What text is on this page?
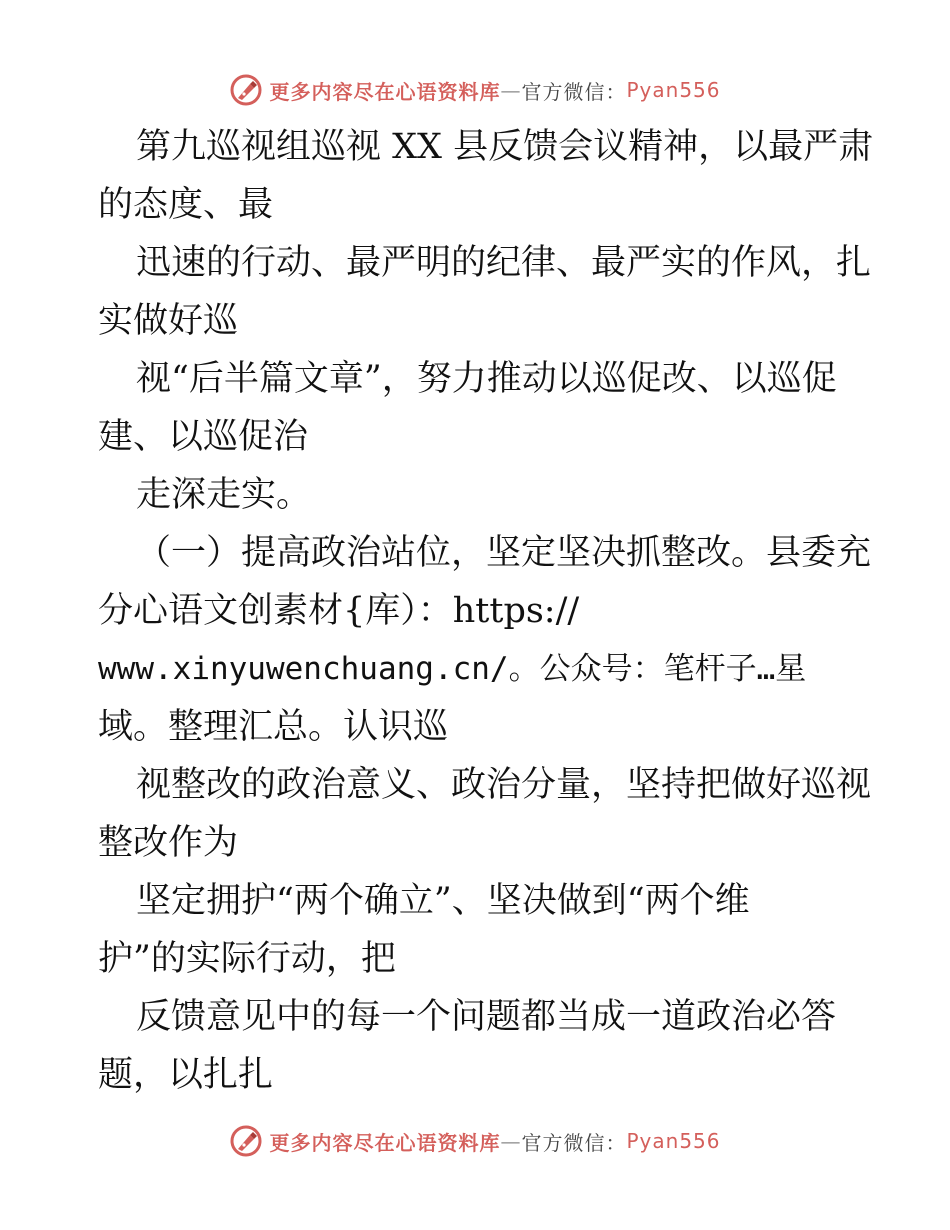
更多内容尽在心语资料库 — 官方微信： Pyan556
第九巡视组巡视 XX 县反馈会议精神，以最严肃
的态度、最
迅速的行动、最严明的纪律、最严实的作风，扎
实做好巡
视“后半篇文章”，努力推动以巡促改、以巡促
建、以巡促治
走深走实。
（一）提高政治站位，坚定坚决抓整改。县委充
分心语文创素材{库）：https://
www.xinyuwenchuang.cn/。公众号：笔杆子…星
域。整理汇总。认识巡
视整改的政治意义、政治分量，坚持把做好巡视
整改作为
坚定拥护“两个确立”、坚决做到“两个维
护”的实际行动，把
反馈意见中的每一个问题都当成一道政治必答
题，以扎扎
更多内容尽在心语资料库 — 官方微信： Pyan556
